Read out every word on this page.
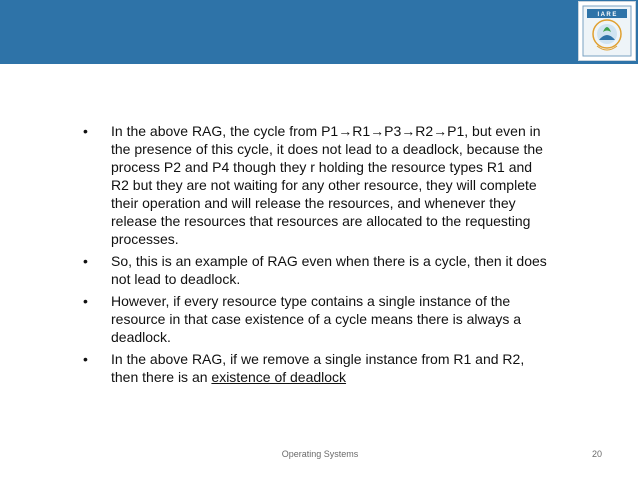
I A R E
• In the above RAG, the cycle from P1→R1→P3→R2→P1, but even in the presence of this cycle, it does not lead to a deadlock, because the process P2 and P4 though they r holding the resource types R1 and R2 but they are not waiting for any other resource, they will complete their operation and will release the resources, and whenever they release the resources that resources are allocated to the requesting processes.
• So, this is an example of RAG even when there is a cycle, then it does not lead to deadlock.
• However, if every resource type contains a single instance of the resource in that case existence of a cycle means there is always a deadlock.
• In the above RAG, if we remove a single instance from R1 and R2, then there is an existence of deadlock
Operating Systems	20
